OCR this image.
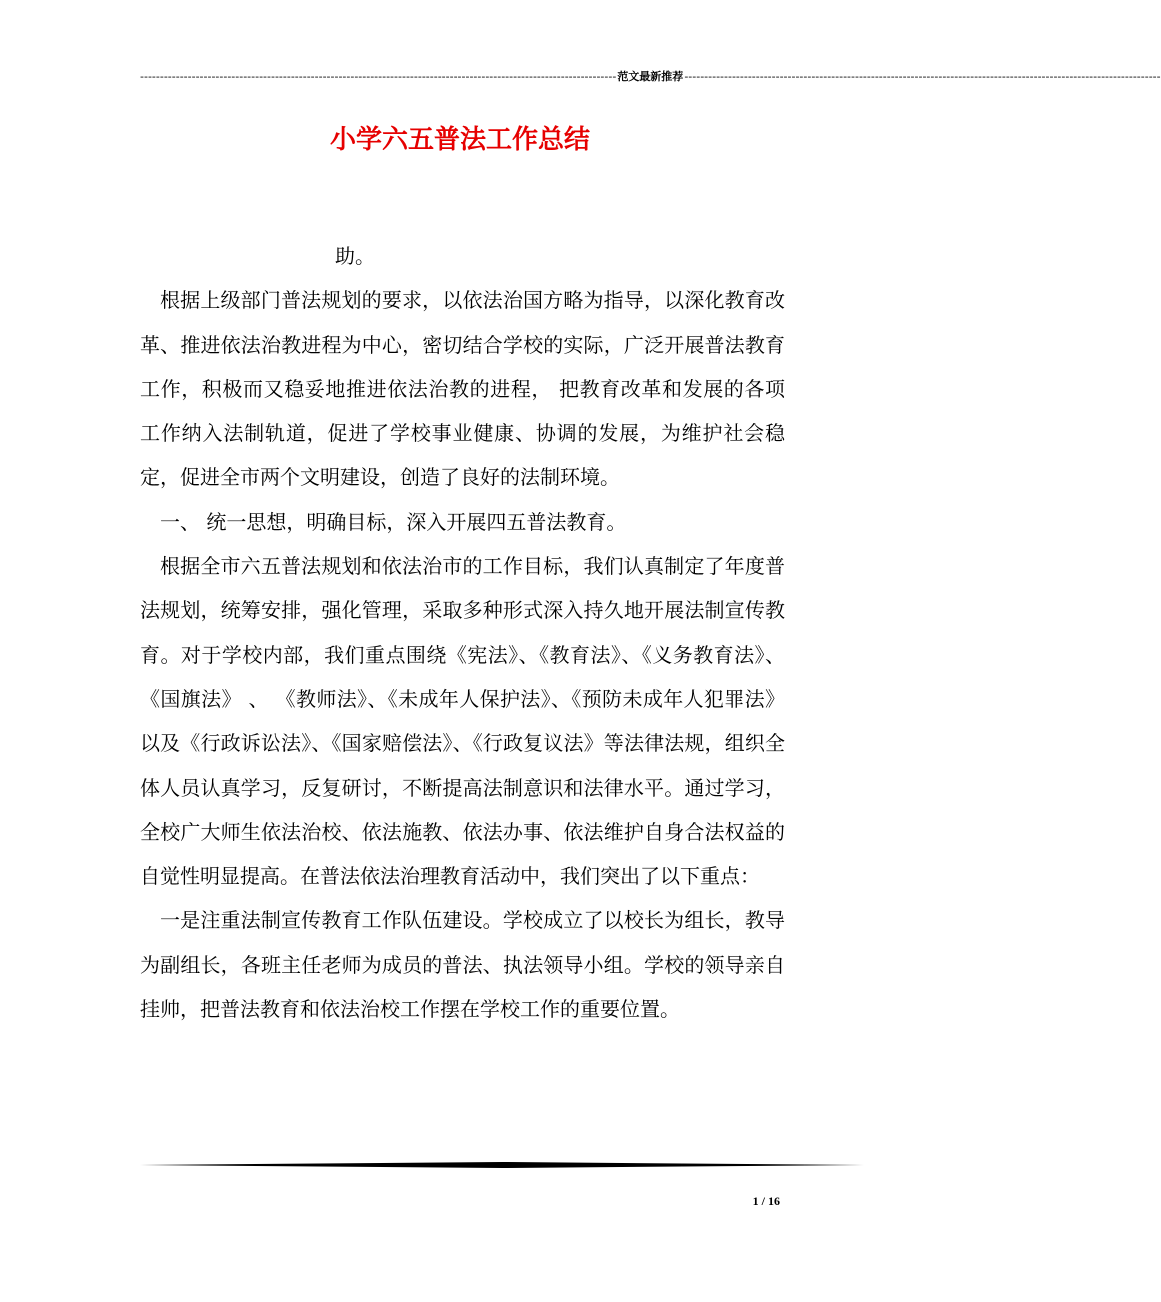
------------------------------------------------------------------------------------------------------------------------ 范文最新推荐 ------------------------------------------------------------------------------------------------------------------------
小学六五普法工作总结

助。

根据上级部门普法规划的要求，以依法治国方略为指导，以深化教育改革、推进依法治教进程为中心，密切结合学校的实际，广泛开展普法教育工作，积极而又稳妥地推进依法治教的进程， 把教育改革和发展的各项工作纳入法制轨道，促进了学校事业健康、协调的发展，为维护社会稳定，促进全市两个文明建设，创造了良好的法制环境。

一、 统一思想，明确目标，深入开展四五普法教育。

根据全市六五普法规划和依法治市的工作目标，我们认真制定了年度普法规划，统筹安排，强化管理，采取多种形式深入持久地开展法制宣传教育。对于学校内部，我们重点围绕《宪法》、《教育法》、《义务教育法》、《国旗法》 、 《教师法》、《未成年人保护法》、《预防未成年人犯罪法》以及《行政诉讼法》、《国家赔偿法》、《行政复议法》等法律法规，组织全体人员认真学习，反复研讨，不断提高法制意识和法律水平。通过学习，全校广大师生依法治校、依法施教、依法办事、依法维护自身合法权益的自觉性明显提高。在普法依法治理教育活动中，我们突出了以下重点：

一是注重法制宣传教育工作队伍建设。学校成立了以校长为组长，教导为副组长，各班主任老师为成员的普法、执法领导小组。学校的领导亲自挂帅，把普法教育和依法治校工作摆在学校工作的重要位置。

1 / 16
